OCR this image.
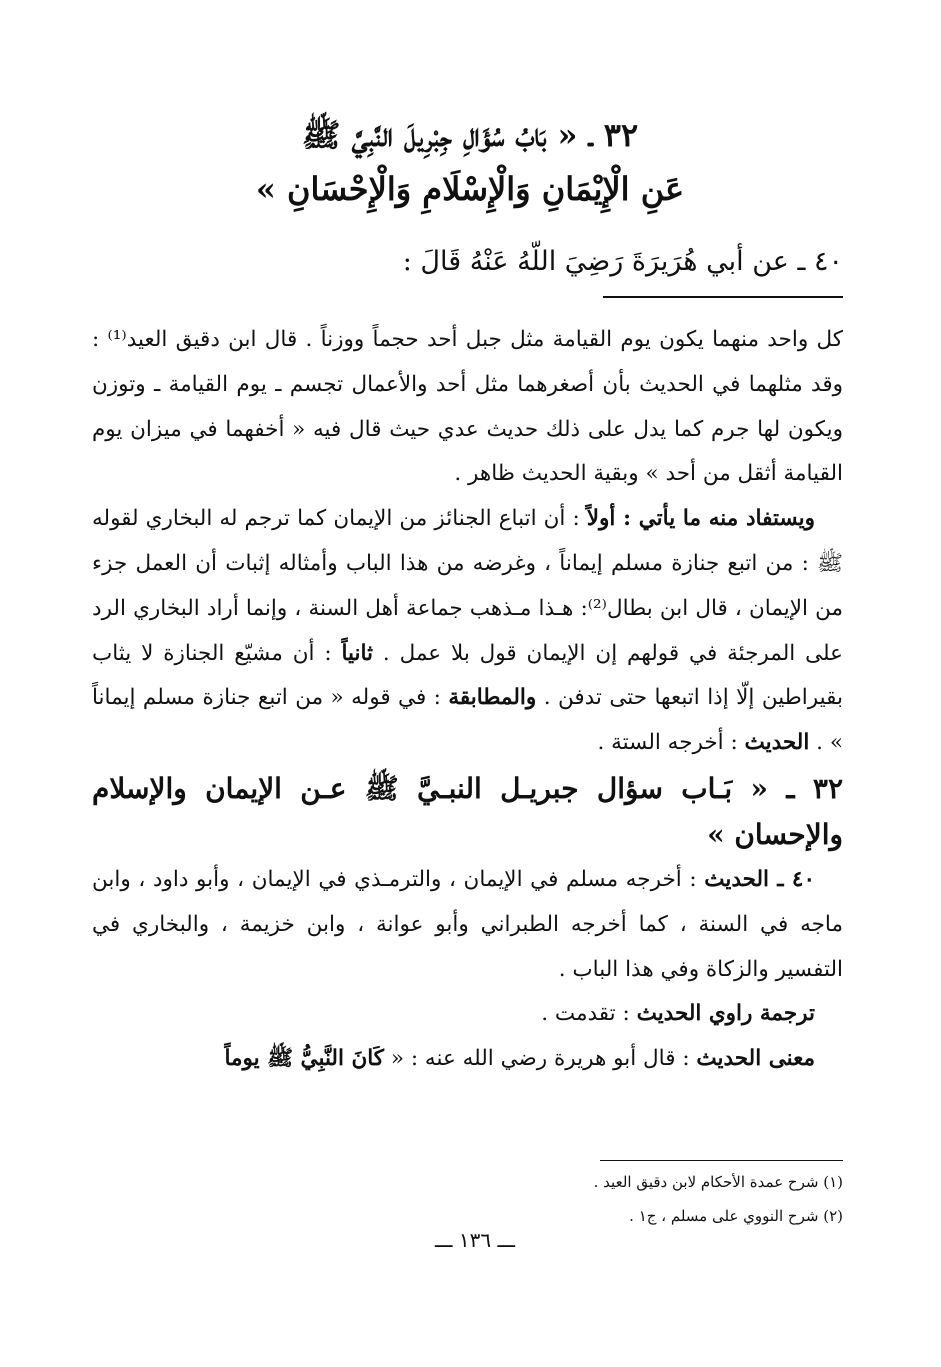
٣٢ ـ « بَابُ سُؤَالِ جِبْرِيلَ النَّبِيَّ ﷺ
عَنِ الْإِيْمَانِ وَالْإِسْلَامِ وَالْإِحْسَانِ »
٤٠ ـ عن أبي هُرَيرَةَ رَضِيَ اللّهُ عَنْهُ قَالَ :

كل واحد منهما يكون يوم القيامة مثل جبل أحد حجماً ووزناً . قال ابن دقيق العيد⁽¹⁾ : وقد مثلهما في الحديث بأن أصغرهما مثل أحد والأعمال تجسم ـ يوم القيامة ـ وتوزن ويكون لها جرم كما يدل على ذلك حديث عدي حيث قال فيه « أخفهما في ميزان يوم القيامة أثقل من أحد » وبقية الحديث ظاهر .

ويستفاد منه ما يأتي : أولاً : أن اتباع الجنائز من الإيمان كما ترجم له البخاري لقوله ﷺ : من اتبع جنازة مسلم إيماناً ، وغرضه من هذا الباب وأمثاله إثبات أن العمل جزء من الإيمان ، قال ابن بطال⁽²⁾: هـذا مـذهب جماعة أهل السنة ، وإنما أراد البخاري الرد على المرجئة في قولهم إن الإيمان قول بلا عمل . ثانياً : أن مشيّع الجنازة لا يثاب بقيراطين إلّا إذا اتبعها حتى تدفن . والمطابقة : في قوله « من اتبع جنازة مسلم إيماناً » . الحديث : أخرجه الستة .

٣٢ ـ « بَـاب سؤال جبريـل النبـيَّ ﷺ عـن الإيمان والإسلام
والإحسان »

٤٠ ـ الحديث : أخرجه مسلم في الإيمان ، والترمـذي في الإيمان ، وأبو داود ، وابن ماجه في السنة ، كما أخرجه الطبراني وأبو عوانة ، وابن خزيمة ، والبخاري في التفسير والزكاة وفي هذا الباب .

ترجمة راوي الحديث : تقدمت .

معنى الحديث : قال أبو هريرة رضي الله عنه : « كَانَ النَّبِيُّ ﷺ يوماً

(١) شرح عمدة الأحكام لابن دقيق العيد .
(٢) شرح النووي على مسلم ، ج١ .
ـــ ١٣٦ ـــ
